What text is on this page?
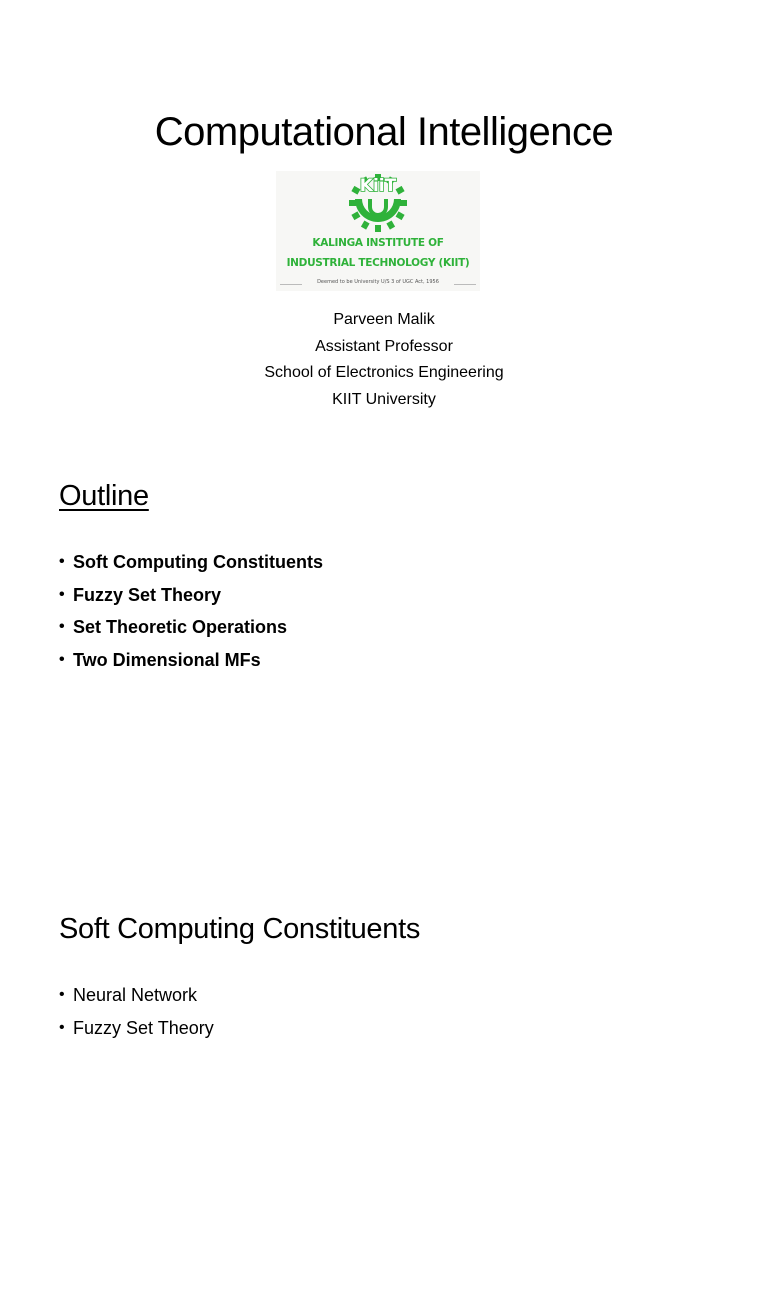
Computational Intelligence
KiiT
KALINGA INSTITUTE OF
INDUSTRIAL TECHNOLOGY (KIIT)
Deemed to be University U/S 3 of UGC Act, 1956
Parveen Malik
Assistant Professor
School of Electronics Engineering
KIIT University
Outline
• Soft Computing Constituents
• Fuzzy Set Theory
• Set Theoretic Operations
• Two Dimensional MFs
Soft Computing Constituents
• Neural Network
• Fuzzy Set Theory
